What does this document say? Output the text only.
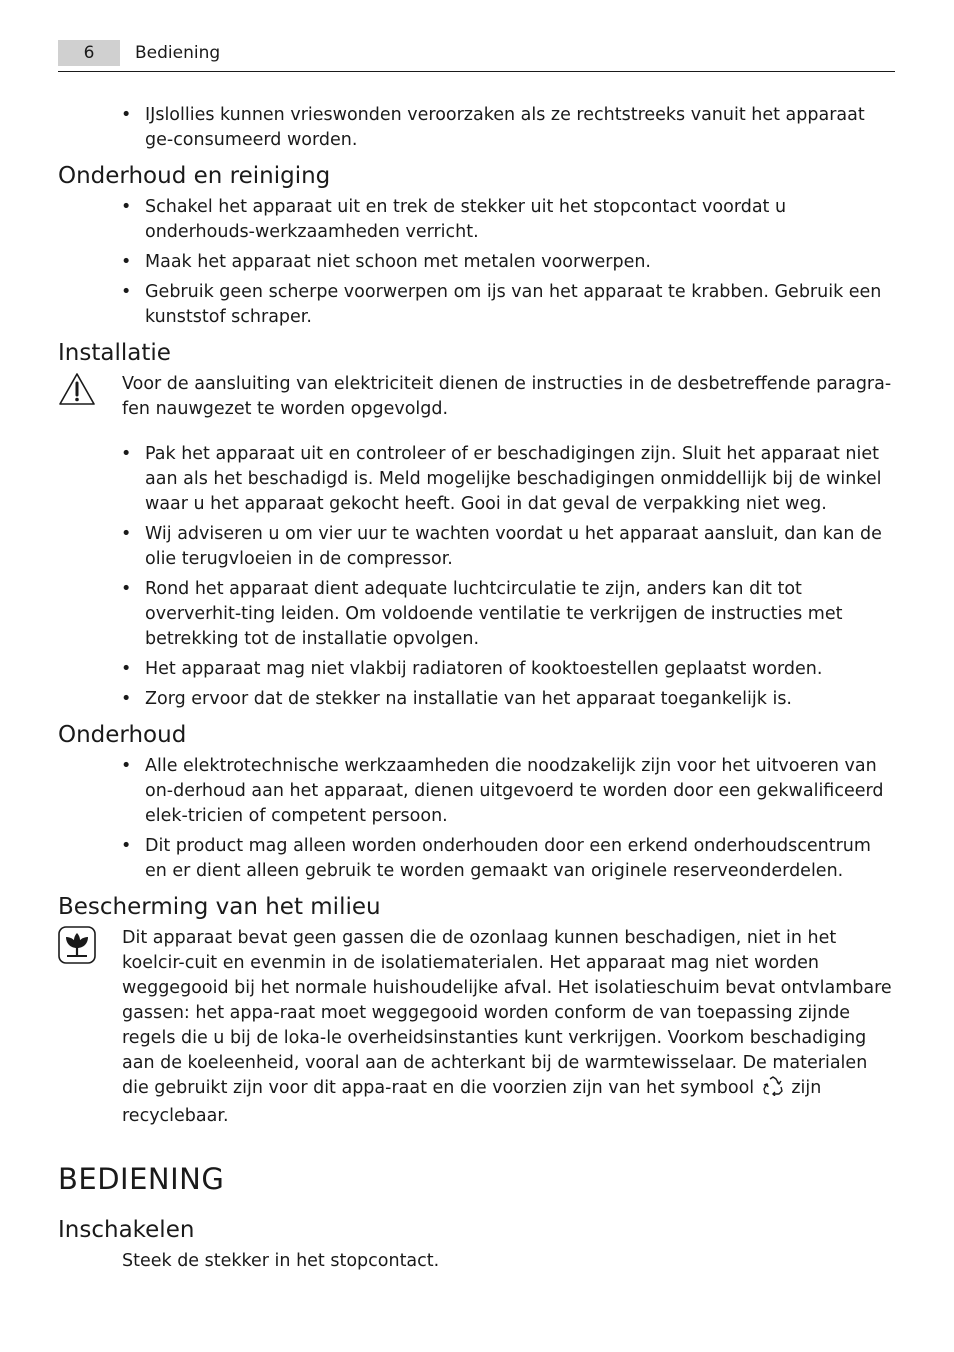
6	Bediening
• IJslollies kunnen vrieswonden veroorzaken als ze rechtstreeks vanuit het apparaat ge-consumeerd worden.
Onderhoud en reiniging
• Schakel het apparaat uit en trek de stekker uit het stopcontact voordat u onderhouds-werkzaamheden verricht.
• Maak het apparaat niet schoon met metalen voorwerpen.
• Gebruik geen scherpe voorwerpen om ijs van het apparaat te krabben. Gebruik een kunststof schraper.
Installatie
Voor de aansluiting van elektriciteit dienen de instructies in de desbetreffende paragra-fen nauwgezet te worden opgevolgd.
• Pak het apparaat uit en controleer of er beschadigingen zijn. Sluit het apparaat niet aan als het beschadigd is. Meld mogelijke beschadigingen onmiddellijk bij de winkel waar u het apparaat gekocht heeft. Gooi in dat geval de verpakking niet weg.
• Wij adviseren u om vier uur te wachten voordat u het apparaat aansluit, dan kan de olie terugvloeien in de compressor.
• Rond het apparaat dient adequate luchtcirculatie te zijn, anders kan dit tot oververhit-ting leiden. Om voldoende ventilatie te verkrijgen de instructies met betrekking tot de installatie opvolgen.
• Het apparaat mag niet vlakbij radiatoren of kooktoestellen geplaatst worden.
• Zorg ervoor dat de stekker na installatie van het apparaat toegankelijk is.
Onderhoud
• Alle elektrotechnische werkzaamheden die noodzakelijk zijn voor het uitvoeren van on-derhoud aan het apparaat, dienen uitgevoerd te worden door een gekwalificeerd elek-tricien of competent persoon.
• Dit product mag alleen worden onderhouden door een erkend onderhoudscentrum en er dient alleen gebruik te worden gemaakt van originele reserveonderdelen.
Bescherming van het milieu
Dit apparaat bevat geen gassen die de ozonlaag kunnen beschadigen, niet in het koelcir-cuit en evenmin in de isolatiematerialen. Het apparaat mag niet worden weggegooid bij het normale huishoudelijke afval. Het isolatieschuim bevat ontvlambare gassen: het appa-raat moet weggegooid worden conform de van toepassing zijnde regels die u bij de loka-le overheidsinstanties kunt verkrijgen. Voorkom beschadiging aan de koeleenheid, vooral aan de achterkant bij de warmtewisselaar. De materialen die gebruikt zijn voor dit appa-raat en die voorzien zijn van het symbool zijn recyclebaar.
BEDIENING
Inschakelen

Steek de stekker in het stopcontact.
